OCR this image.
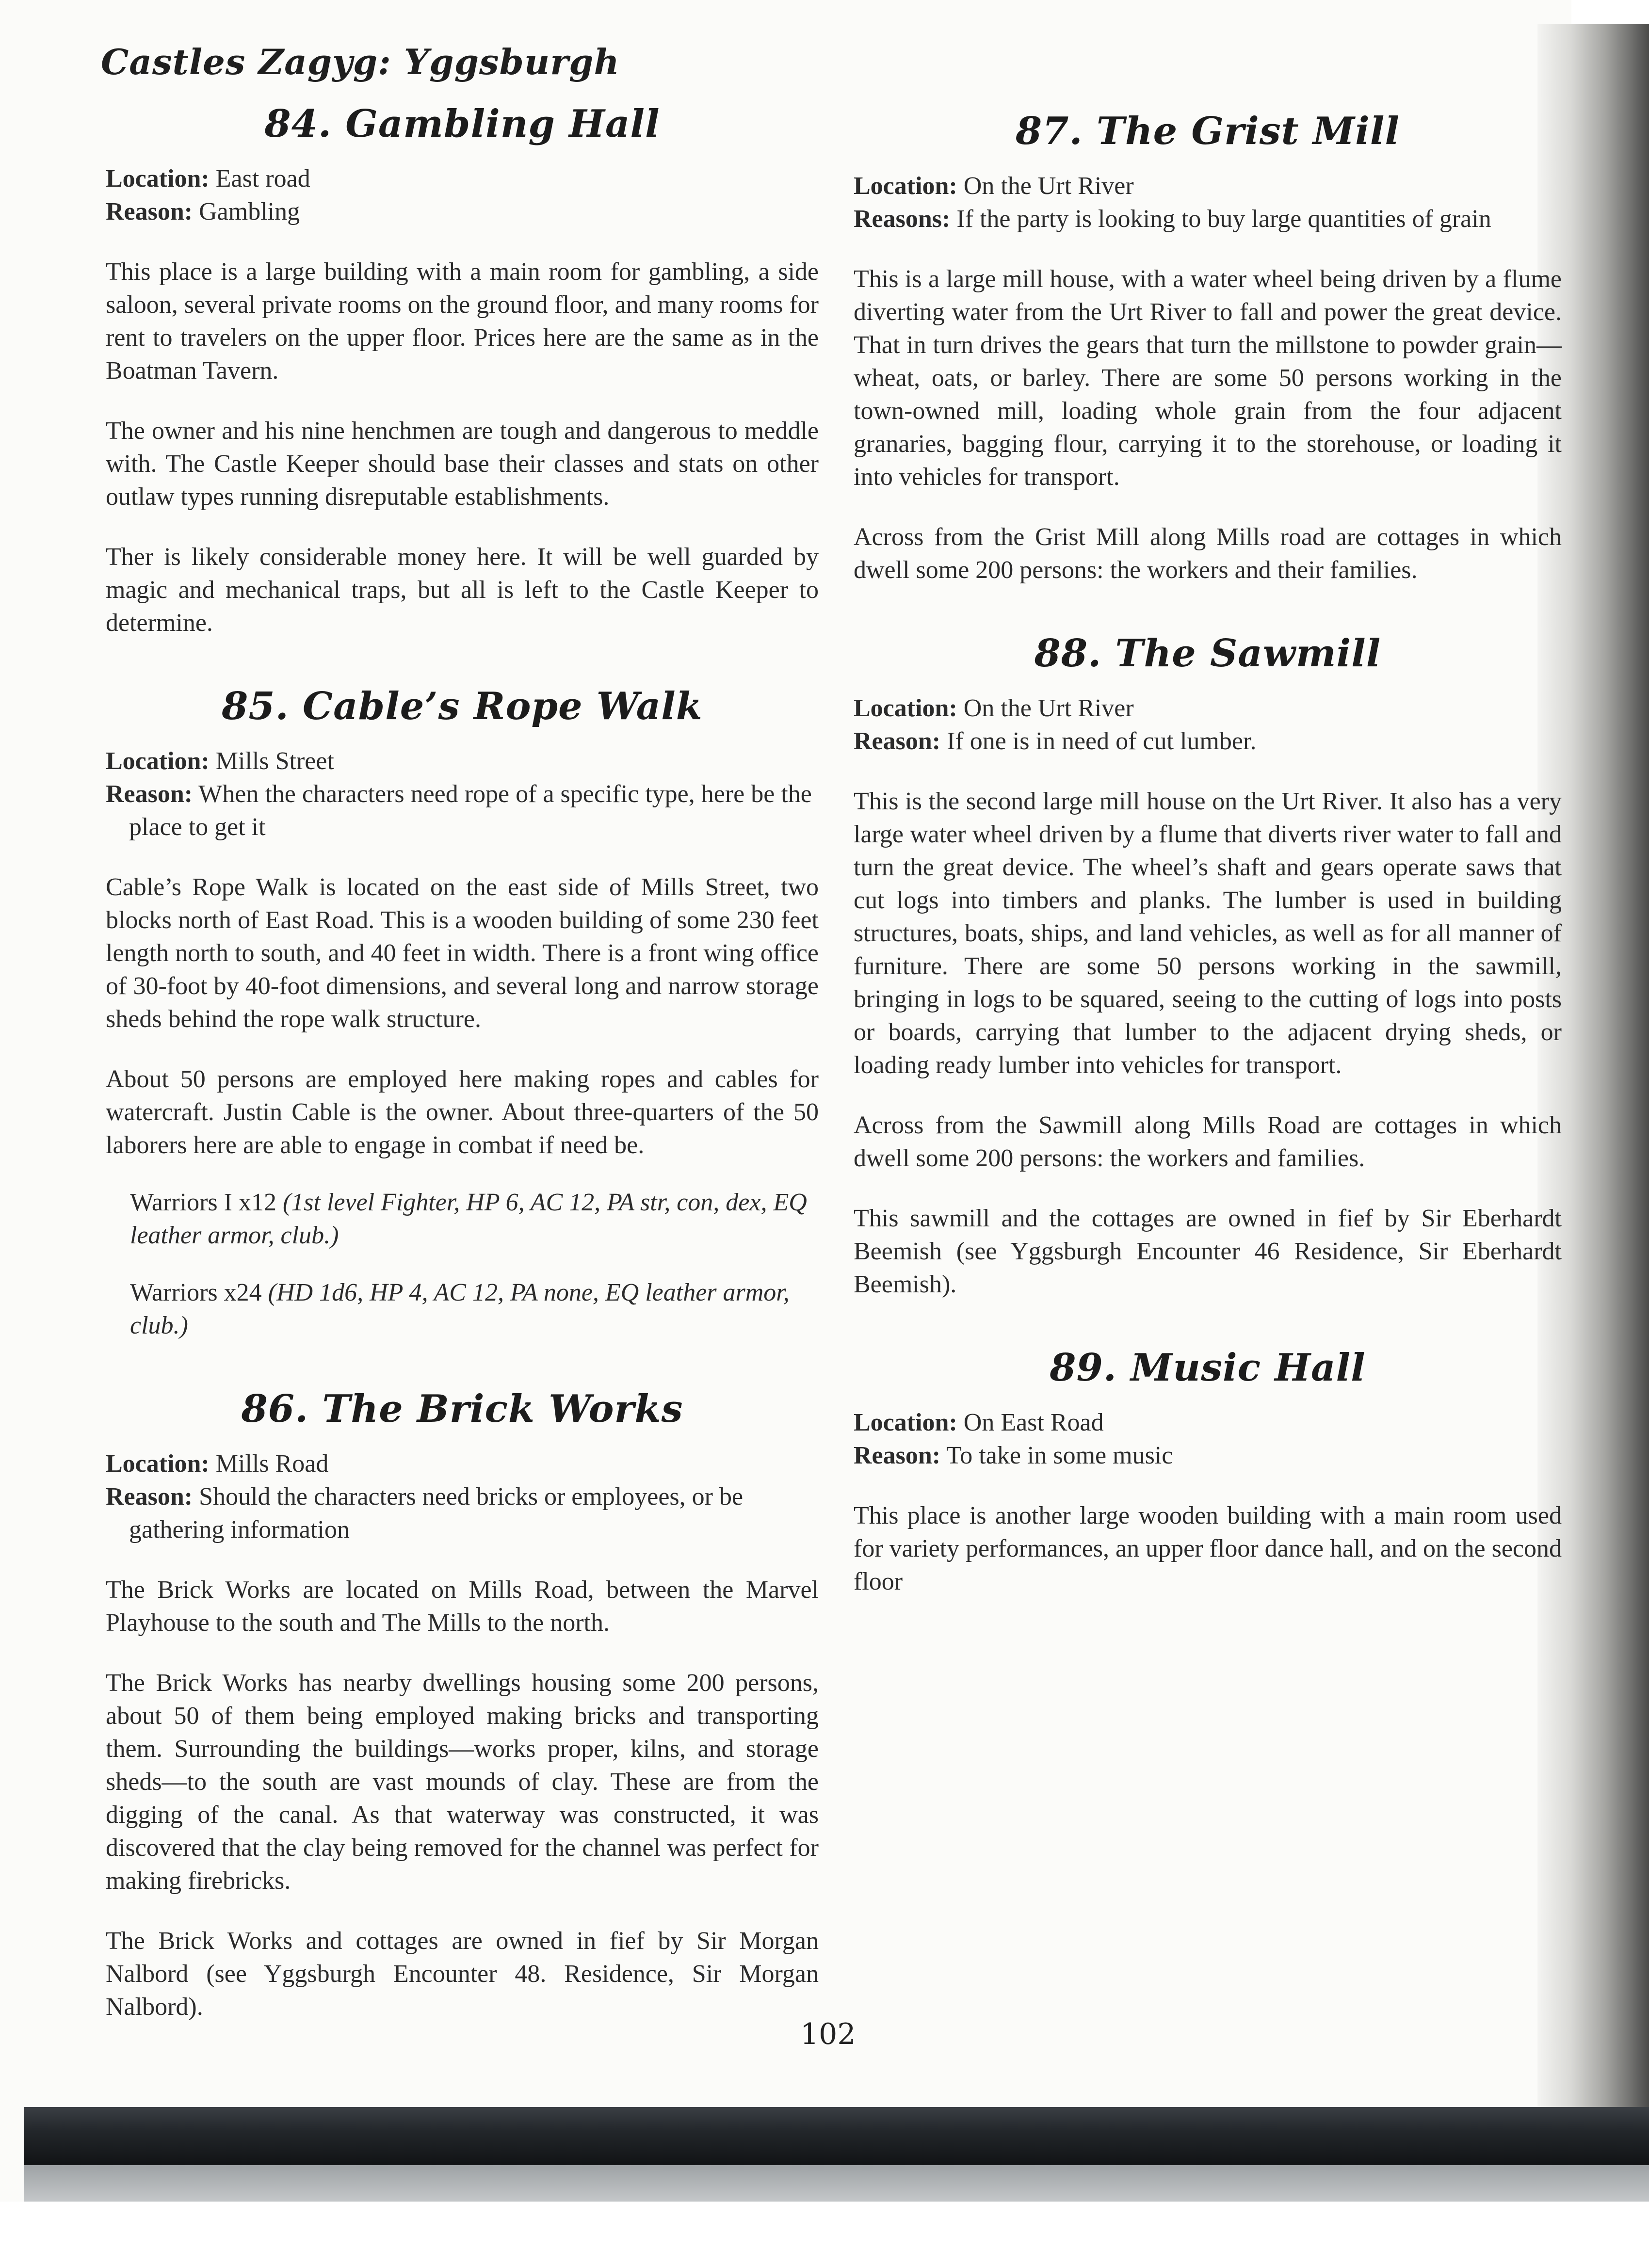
Castles Zagyg: Yggsburgh
84. Gambling Hall

Location: East road

Reason: Gambling

This place is a large building with a main room for gambling, a side saloon, several private rooms on the ground floor, and many rooms for rent to travelers on the upper floor. Prices here are the same as in the Boatman Tavern.

The owner and his nine henchmen are tough and dangerous to meddle with. The Castle Keeper should base their classes and stats on other outlaw types running disreputable establishments.

Ther is likely considerable money here. It will be well guarded by magic and mechanical traps, but all is left to the Castle Keeper to determine.

85. Cable’s Rope Walk

Location: Mills Street

Reason: When the characters need rope of a specific type, here be the place to get it

Cable’s Rope Walk is located on the east side of Mills Street, two blocks north of East Road. This is a wooden building of some 230 feet length north to south, and 40 feet in width. There is a front wing office of 30-foot by 40-foot dimensions, and several long and narrow storage sheds behind the rope walk structure.

About 50 persons are employed here making ropes and cables for watercraft. Justin Cable is the owner. About three-quarters of the 50 laborers here are able to engage in combat if need be.

Warriors I x12 (1st level Fighter, HP 6, AC 12, PA str, con, dex, EQ leather armor, club.)

Warriors x24 (HD 1d6, HP 4, AC 12, PA none, EQ leather armor, club.)

86. The Brick Works

Location: Mills Road

Reason: Should the characters need bricks or employees, or be gathering information

The Brick Works are located on Mills Road, between the Marvel Playhouse to the south and The Mills to the north.

The Brick Works has nearby dwellings housing some 200 persons, about 50 of them being employed making bricks and transporting them. Surrounding the buildings—works proper, kilns, and storage sheds—to the south are vast mounds of clay. These are from the digging of the canal. As that waterway was constructed, it was discovered that the clay being removed for the channel was perfect for making firebricks.

The Brick Works and cottages are owned in fief by Sir Morgan Nalbord (see Yggsburgh Encounter 48. Residence, Sir Morgan Nalbord).

87. The Grist Mill

Location: On the Urt River

Reasons: If the party is looking to buy large quantities of grain

This is a large mill house, with a water wheel being driven by a flume diverting water from the Urt River to fall and power the great device. That in turn drives the gears that turn the millstone to powder grain—wheat, oats, or barley. There are some 50 persons working in the town-owned mill, loading whole grain from the four adjacent granaries, bagging flour, carrying it to the storehouse, or loading it into vehicles for transport.

Across from the Grist Mill along Mills road are cottages in which dwell some 200 persons: the workers and their families.

88. The Sawmill

Location: On the Urt River

Reason: If one is in need of cut lumber.

This is the second large mill house on the Urt River. It also has a very large water wheel driven by a flume that diverts river water to fall and turn the great device. The wheel’s shaft and gears operate saws that cut logs into timbers and planks. The lumber is used in building structures, boats, ships, and land vehicles, as well as for all manner of furniture. There are some 50 persons working in the sawmill, bringing in logs to be squared, seeing to the cutting of logs into posts or boards, carrying that lumber to the adjacent drying sheds, or loading ready lumber into vehicles for transport.

Across from the Sawmill along Mills Road are cottages in which dwell some 200 persons: the workers and families.

This sawmill and the cottages are owned in fief by Sir Eberhardt Beemish (see Yggsburgh Encounter 46 Residence, Sir Eberhardt Beemish).

89. Music Hall

Location: On East Road

Reason: To take in some music

This place is another large wooden building with a main room used for variety performances, an upper floor dance hall, and on the second floor

102
